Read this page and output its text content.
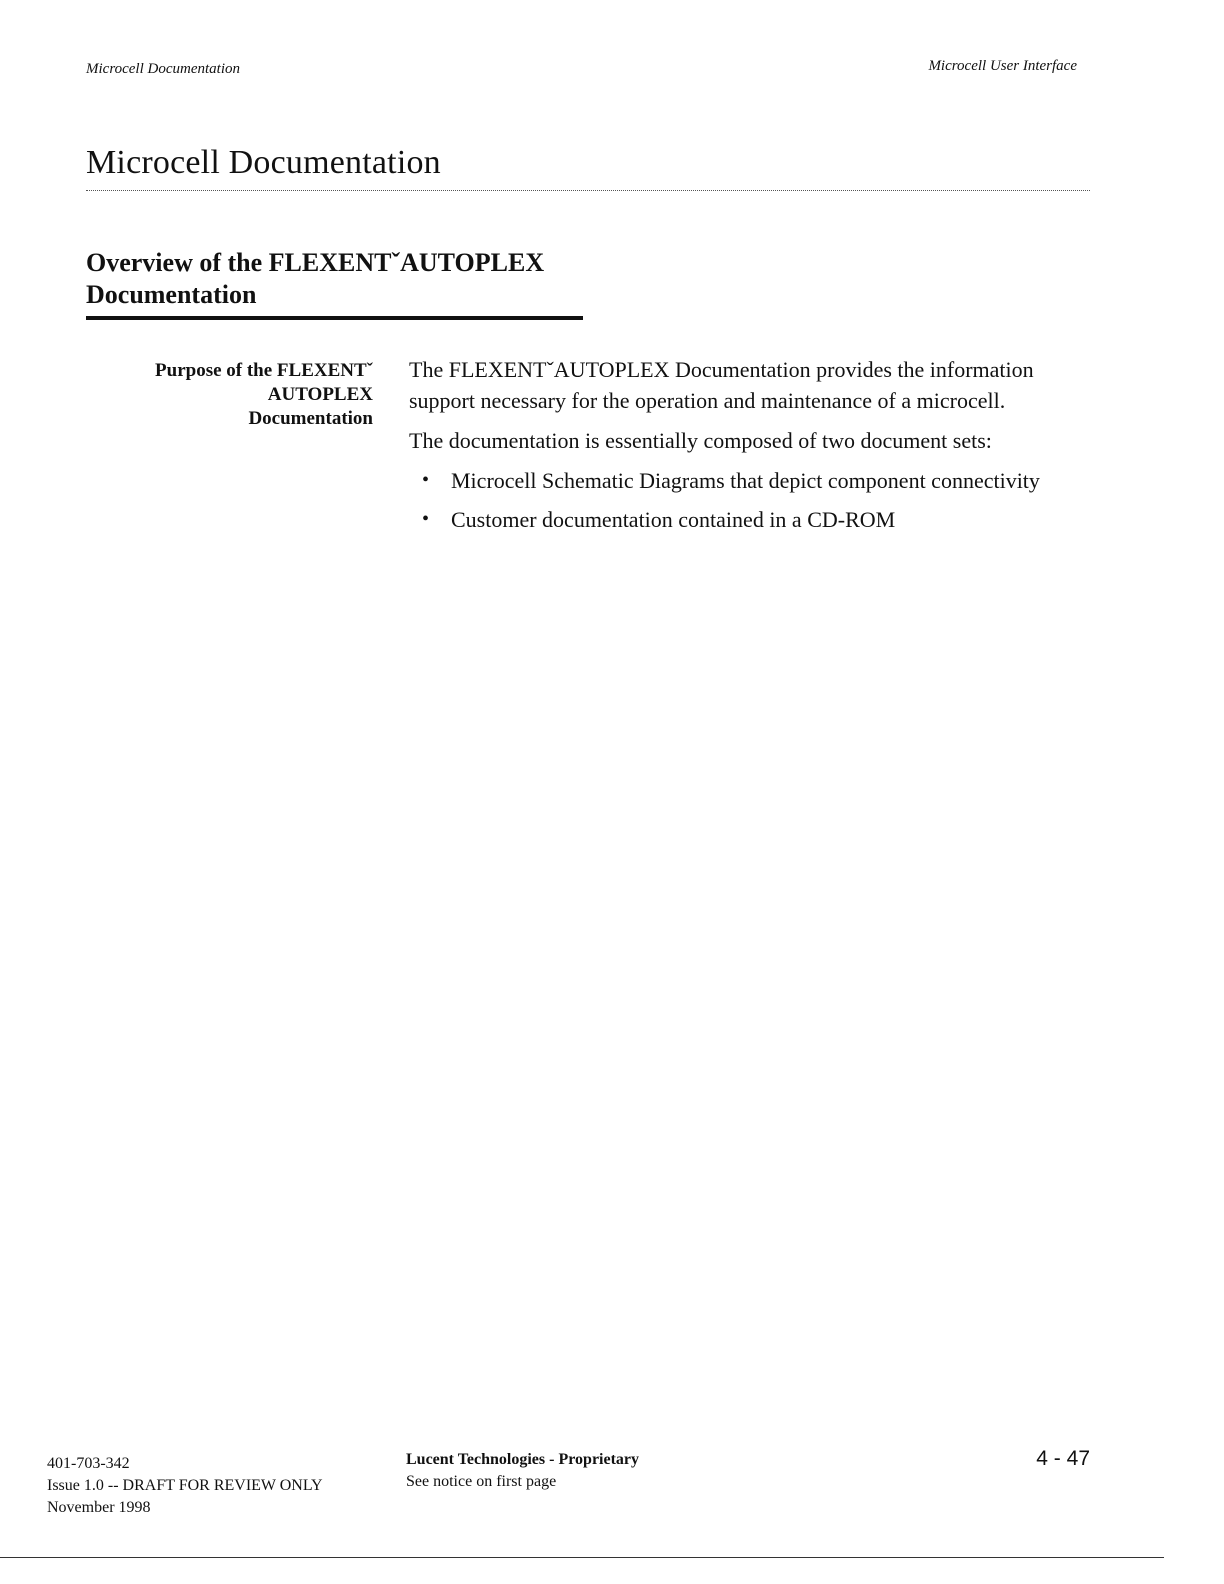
Microcell Documentation	Microcell User Interface
Microcell Documentation
Overview of the FLEXENTˇAUTOPLEX
Documentation
Purpose of the FLEXENTˇ
AUTOPLEX
Documentation

The FLEXENTˇAUTOPLEX Documentation provides the information support necessary for the operation and maintenance of a microcell.

The documentation is essentially composed of two document sets:

• Microcell Schematic Diagrams that depict component connectivity
• Customer documentation contained in a CD-ROM
401-703-342
Issue 1.0 -- DRAFT FOR REVIEW ONLY
November 1998
Lucent Technologies - Proprietary
See notice on first page
4 - 47
